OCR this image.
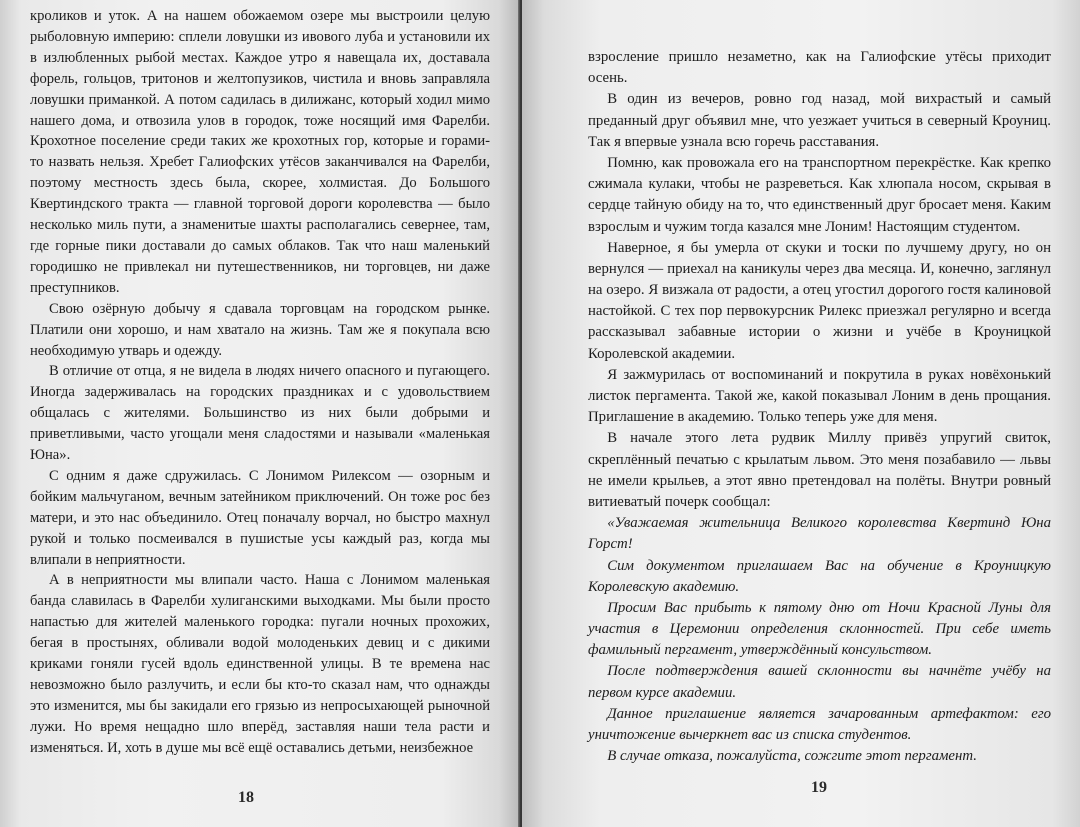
кроликов и уток. А на нашем обожаемом озере мы выстроили целую рыболовную империю: сплели ловушки из ивового луба и установили их в излюбленных рыбой местах. Каждое утро я навещала их, доставала форель, гольцов, тритонов и желтопузиков, чистила и вновь заправляла ловушки приманкой. А потом садилась в дилижанс, который ходил мимо нашего дома, и отвозила улов в городок, тоже носящий имя Фарелби. Крохотное поселение среди таких же крохотных гор, которые и горами-то назвать нельзя. Хребет Галиофских утёсов заканчивался на Фарелби, поэтому местность здесь была, скорее, холмистая. До Большого Квертиндского тракта — главной торговой дороги королевства — было несколько миль пути, а знаменитые шахты располагались севернее, там, где горные пики доставали до самых облаков. Так что наш маленький городишко не привлекал ни путешественников, ни торговцев, ни даже преступников.

Свою озёрную добычу я сдавала торговцам на городском рынке. Платили они хорошо, и нам хватало на жизнь. Там же я покупала всю необходимую утварь и одежду.

В отличие от отца, я не видела в людях ничего опасного и пугающего. Иногда задерживалась на городских праздниках и с удовольствием общалась с жителями. Большинство из них были добрыми и приветливыми, часто угощали меня сладостями и называли «маленькая Юна».

С одним я даже сдружилась. С Лонимом Рилексом — озорным и бойким мальчуганом, вечным затейником приключений. Он тоже рос без матери, и это нас объединило. Отец поначалу ворчал, но быстро махнул рукой и только посмеивался в пушистые усы каждый раз, когда мы влипали в неприятности.

А в неприятности мы влипали часто. Наша с Лонимом маленькая банда славилась в Фарелби хулиганскими выходками. Мы были просто напастью для жителей маленького городка: пугали ночных прохожих, бегая в простынях, обливали водой молоденьких девиц и с дикими криками гоняли гусей вдоль единственной улицы. В те времена нас невозможно было разлучить, и если бы кто-то сказал нам, что однажды это изменится, мы бы закидали его грязью из непросыхающей рыночной лужи. Но время нещадно шло вперёд, заставляя наши тела расти и изменяться. И, хоть в душе мы всё ещё оставались детьми, неизбежное

18

взросление пришло незаметно, как на Галиофские утёсы приходит осень.

В один из вечеров, ровно год назад, мой вихрастый и самый преданный друг объявил мне, что уезжает учиться в северный Кроуниц. Так я впервые узнала всю горечь расставания.

Помню, как провожала его на транспортном перекрёстке. Как крепко сжимала кулаки, чтобы не разреветься. Как хлюпала носом, скрывая в сердце тайную обиду на то, что единственный друг бросает меня. Каким взрослым и чужим тогда казался мне Лоним! Настоящим студентом.

Наверное, я бы умерла от скуки и тоски по лучшему другу, но он вернулся — приехал на каникулы через два месяца. И, конечно, заглянул на озеро. Я визжала от радости, а отец угостил дорогого гостя калиновой настойкой. С тех пор первокурсник Рилекс приезжал регулярно и всегда рассказывал забавные истории о жизни и учёбе в Кроуницкой Королевской академии.

Я зажмурилась от воспоминаний и покрутила в руках новёхонький листок пергамента. Такой же, какой показывал Лоним в день прощания. Приглашение в академию. Только теперь уже для меня.

В начале этого лета рудвик Миллу привёз упругий свиток, скреплённый печатью с крылатым львом. Это меня позабавило — львы не имели крыльев, а этот явно претендовал на полёты. Внутри ровный витиеватый почерк сообщал:

«Уважаемая жительница Великого королевства Квертинд Юна Горст!

Сим документом приглашаем Вас на обучение в Кроуницкую Королевскую академию.

Просим Вас прибыть к пятому дню от Ночи Красной Луны для участия в Церемонии определения склонностей. При себе иметь фамильный пергамент, утверждённый консульством.

После подтверждения вашей склонности вы начнёте учёбу на первом курсе академии.

Данное приглашение является зачарованным артефактом: его уничтожение вычеркнет вас из списка студентов.

В случае отказа, пожалуйста, сожгите этот пергамент.

19
